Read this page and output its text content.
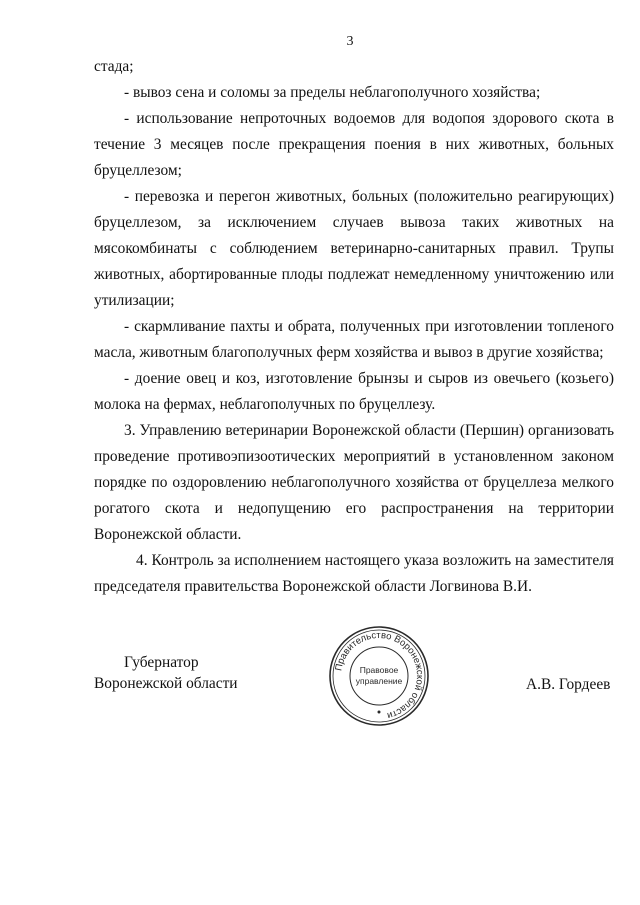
3

стада;

- вывоз сена и соломы за пределы неблагополучного хозяйства;

- использование непроточных водоемов для водопоя здорового скота в течение 3 месяцев после прекращения поения в них животных, больных бруцеллезом;

- перевозка и перегон животных, больных (положительно реагирующих) бруцеллезом, за исключением случаев вывоза таких животных на мясокомбинаты с соблюдением ветеринарно-санитарных правил. Трупы животных, абортированные плоды подлежат немедленному уничтожению или утилизации;

- скармливание пахты и обрата, полученных при изготовлении топленого масла, животным благополучных ферм хозяйства и вывоз в другие хозяйства;

- доение овец и коз, изготовление брынзы и сыров из овечьего (козьего) молока на фермах, неблагополучных по бруцеллезу.

3. Управлению ветеринарии Воронежской области (Першин) организовать проведение противоэпизоотических мероприятий в установленном законом порядке по оздоровлению неблагополучного хозяйства от бруцеллеза мелкого рогатого скота и недопущению его распространения на территории Воронежской области.

4. Контроль за исполнением настоящего указа возложить на заместителя председателя правительства Воронежской области Логвинова В.И.

Губернатор
Воронежской области
Правительство Воронежской области
Правовое
управление	А.В. Гордеев
